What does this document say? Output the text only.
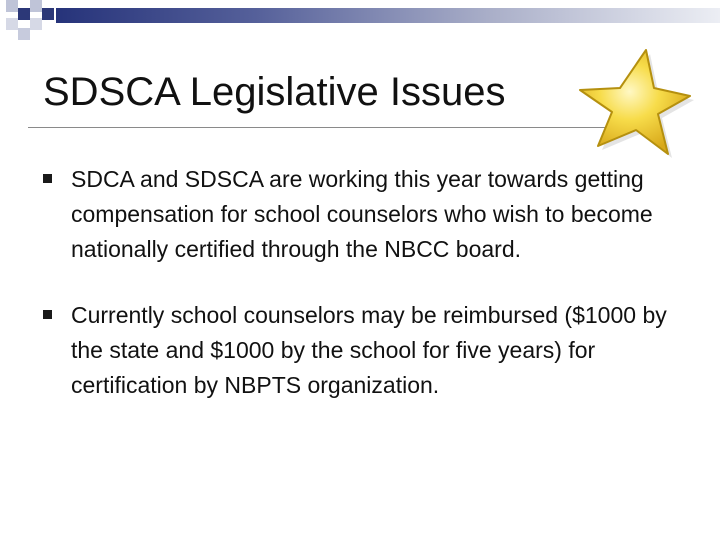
SDSCA Legislative Issues
SDCA and SDSCA are working this year towards getting compensation for school counselors who wish to become nationally certified through the NBCC board.
Currently school counselors may be reimbursed ($1000 by the state and $1000 by the school for five years) for certification by NBPTS organization.
